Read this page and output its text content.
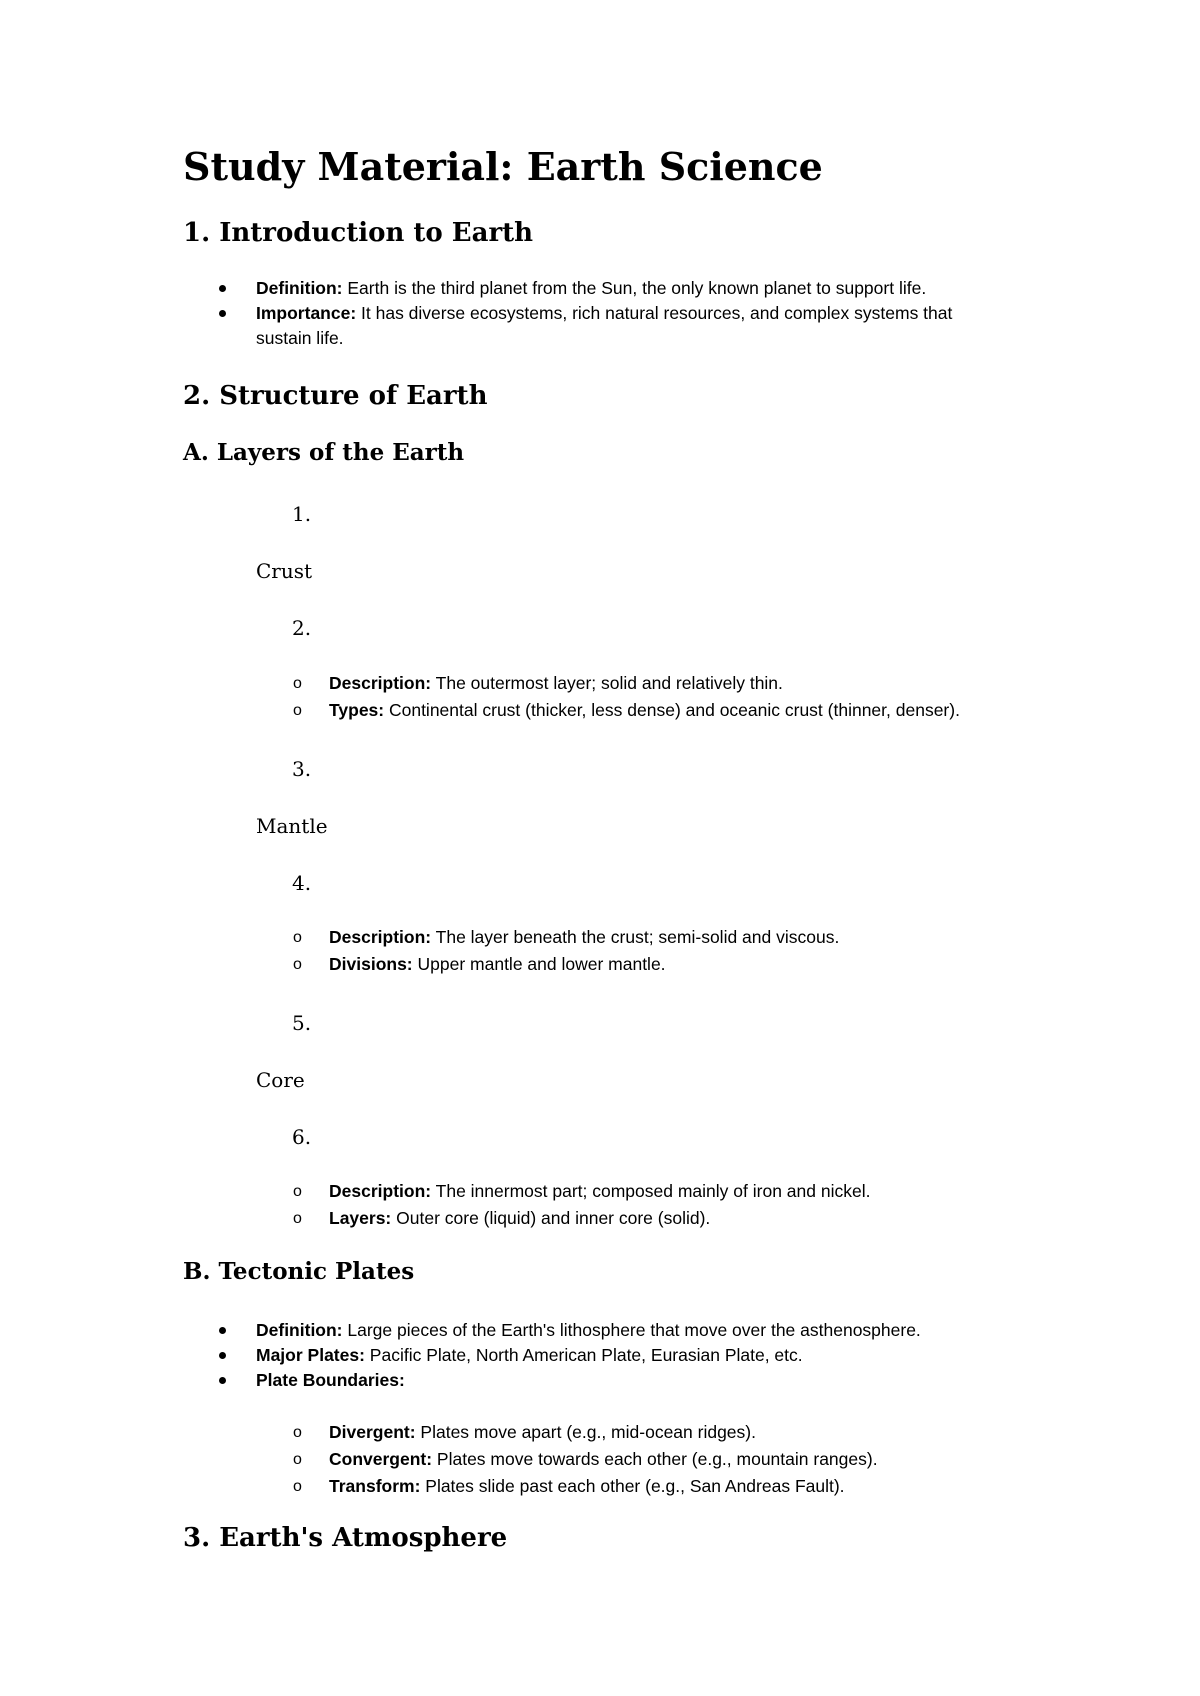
Study Material: Earth Science
1. Introduction to Earth
Definition: Earth is the third planet from the Sun, the only known planet to support life.
Importance: It has diverse ecosystems, rich natural resources, and complex systems that sustain life.
2. Structure of Earth
A. Layers of the Earth
1.
Crust
2.
o Description: The outermost layer; solid and relatively thin.
o Types: Continental crust (thicker, less dense) and oceanic crust (thinner, denser).
3.
Mantle
4.
o Description: The layer beneath the crust; semi-solid and viscous.
o Divisions: Upper mantle and lower mantle.
5.
Core
6.
o Description: The innermost part; composed mainly of iron and nickel.
o Layers: Outer core (liquid) and inner core (solid).
B. Tectonic Plates
Definition: Large pieces of the Earth's lithosphere that move over the asthenosphere.
Major Plates: Pacific Plate, North American Plate, Eurasian Plate, etc.
Plate Boundaries:
o Divergent: Plates move apart (e.g., mid-ocean ridges).
o Convergent: Plates move towards each other (e.g., mountain ranges).
o Transform: Plates slide past each other (e.g., San Andreas Fault).
3. Earth's Atmosphere
